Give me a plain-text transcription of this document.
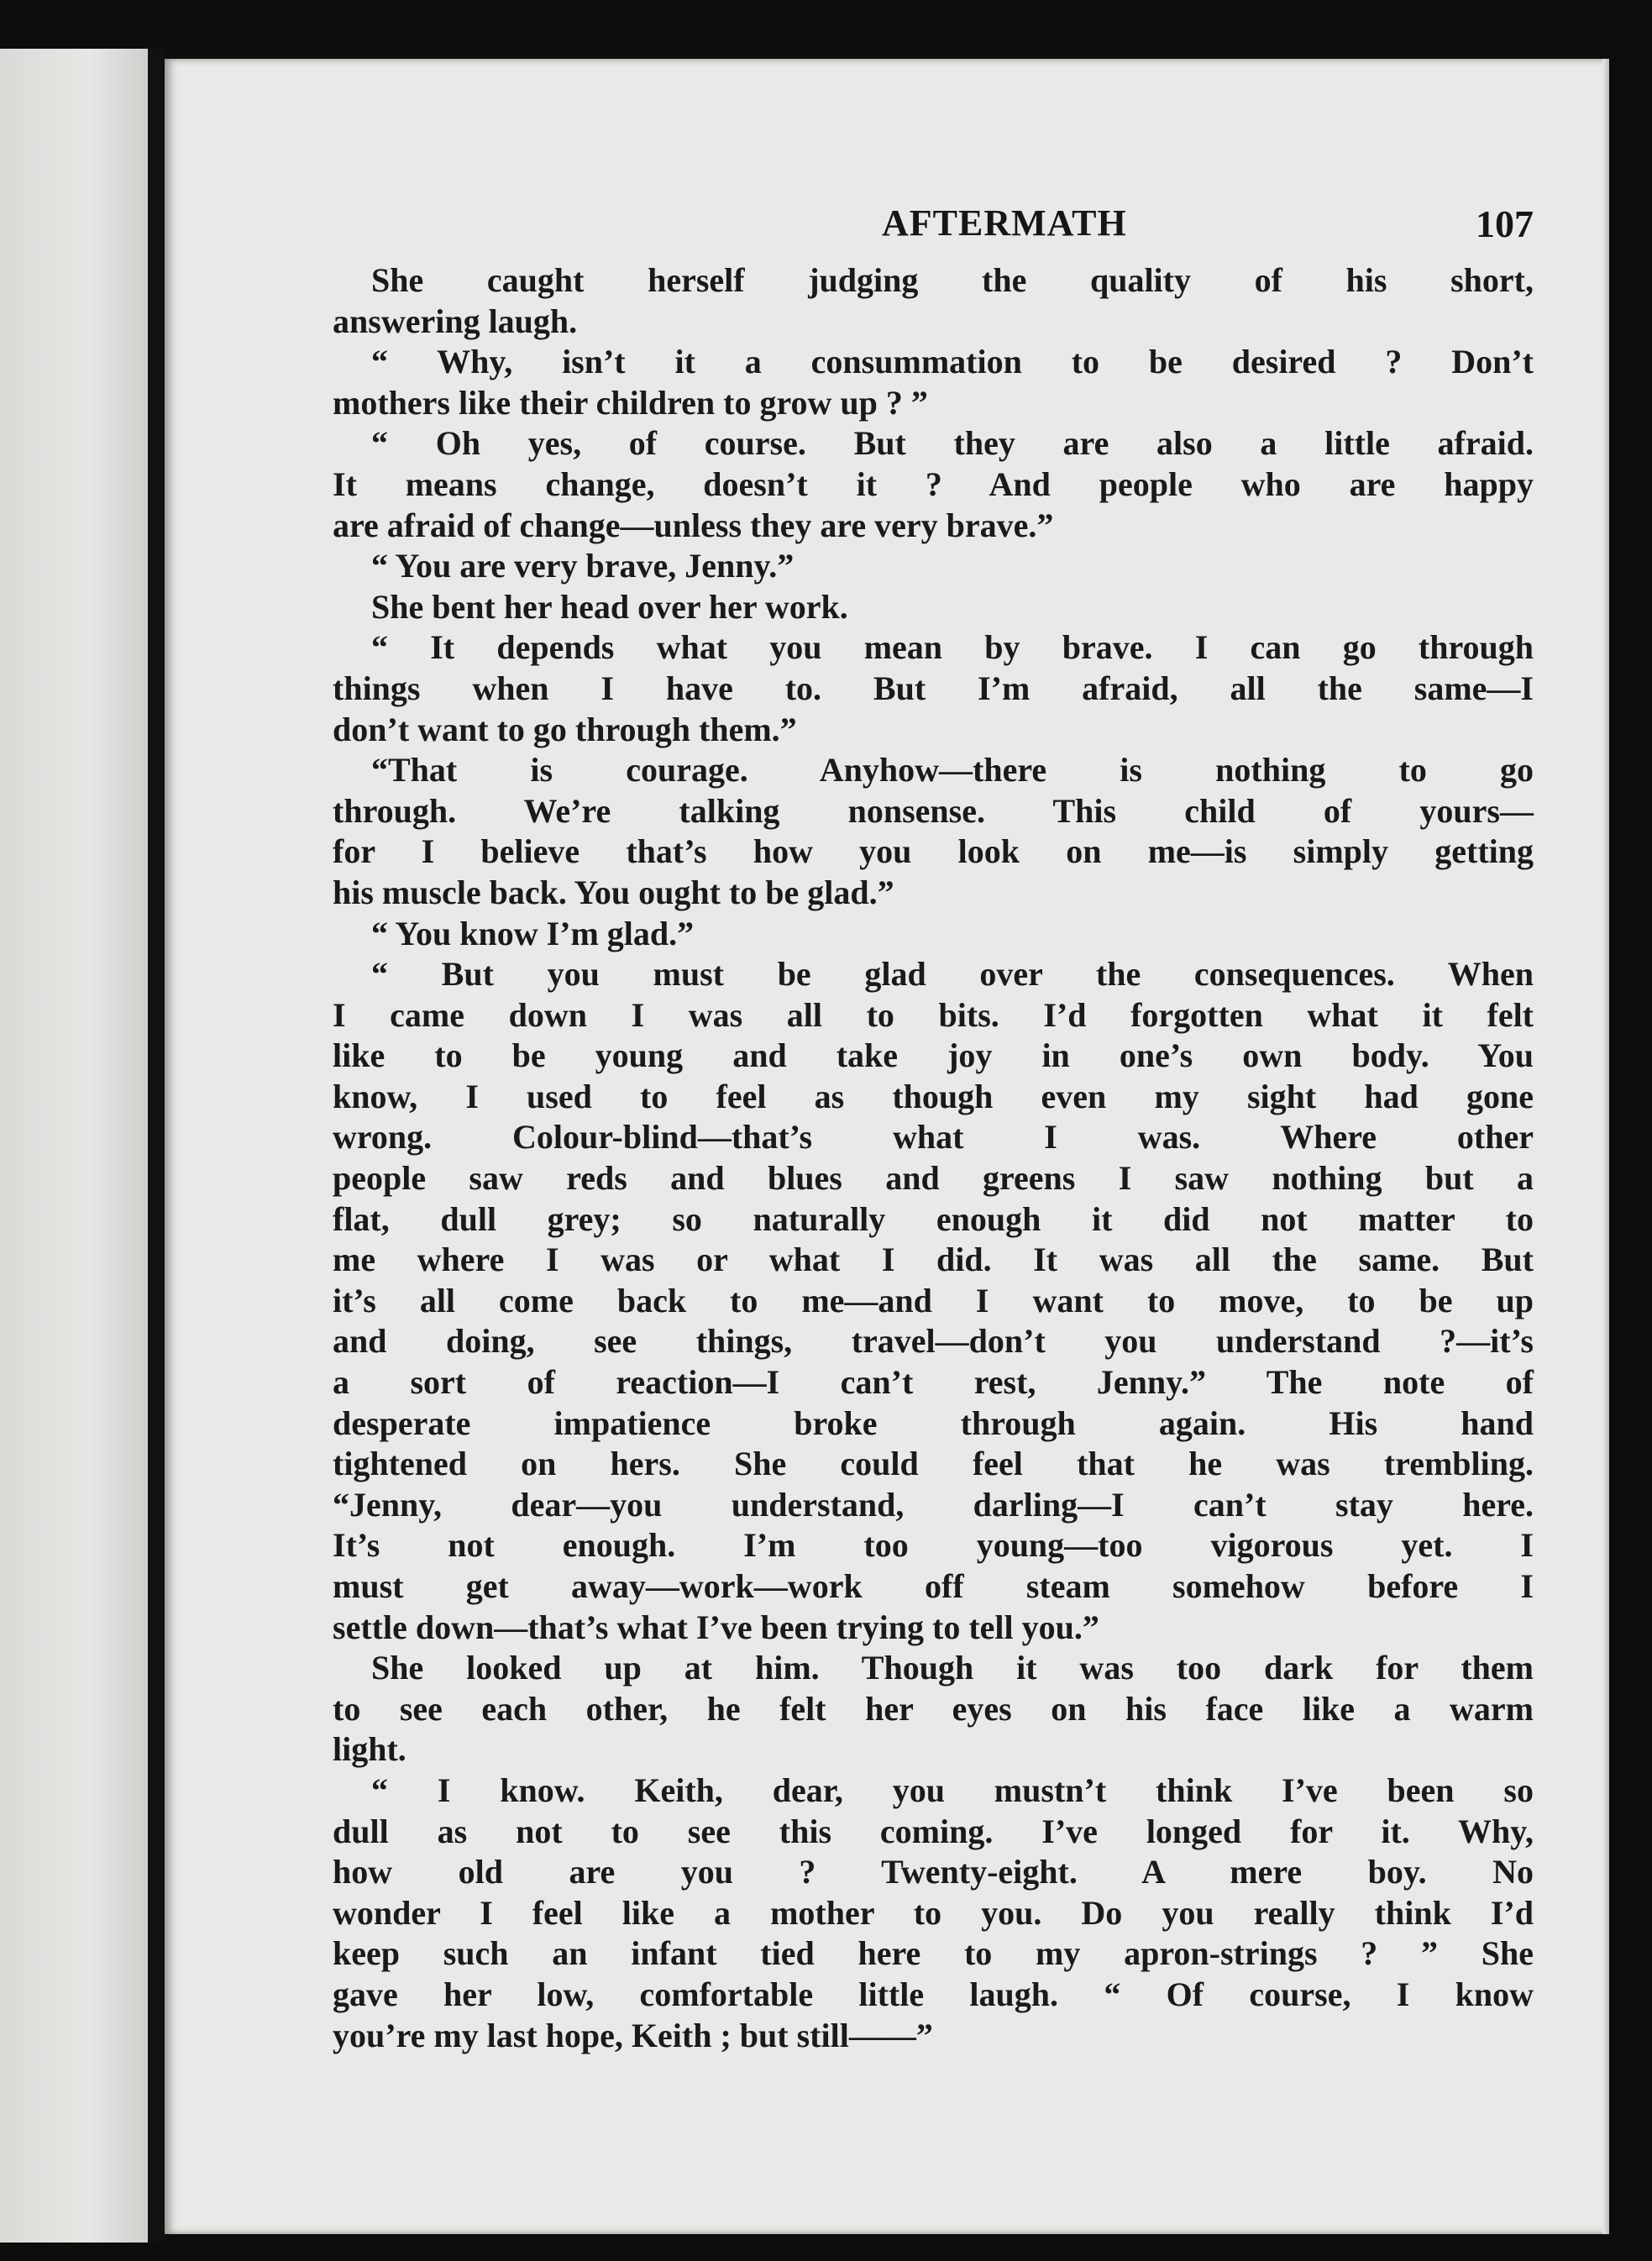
AFTERMATH	107
She caught herself judging the quality of his short,
answering laugh.
“ Why, isn’t it a consummation to be desired ? Don’t
mothers like their children to grow up ? ”
“ Oh yes, of course. But they are also a little afraid.
It means change, doesn’t it ? And people who are happy
are afraid of change—unless they are very brave.”
“ You are very brave, Jenny.”
She bent her head over her work.
“ It depends what you mean by brave. I can go through
things when I have to. But I’m afraid, all the same—I
don’t want to go through them.”
“That is courage. Anyhow—there is nothing to go
through. We’re talking nonsense. This child of yours—
for I believe that’s how you look on me—is simply getting
his muscle back. You ought to be glad.”
“ You know I’m glad.”
“ But you must be glad over the consequences. When
I came down I was all to bits. I’d forgotten what it felt
like to be young and take joy in one’s own body. You
know, I used to feel as though even my sight had gone
wrong. Colour-blind—that’s what I was. Where other
people saw reds and blues and greens I saw nothing but a
flat, dull grey; so naturally enough it did not matter to
me where I was or what I did. It was all the same. But
it’s all come back to me—and I want to move, to be up
and doing, see things, travel—don’t you understand ?—it’s
a sort of reaction—I can’t rest, Jenny.” The note of
desperate impatience broke through again. His hand
tightened on hers. She could feel that he was trembling.
“Jenny, dear—you understand, darling—I can’t stay here.
It’s not enough. I’m too young—too vigorous yet. I
must get away—work—work off steam somehow before I
settle down—that’s what I’ve been trying to tell you.”
She looked up at him. Though it was too dark for them
to see each other, he felt her eyes on his face like a warm
light.
“ I know. Keith, dear, you mustn’t think I’ve been so
dull as not to see this coming. I’ve longed for it. Why,
how old are you ? Twenty-eight. A mere boy. No
wonder I feel like a mother to you. Do you really think I’d
keep such an infant tied here to my apron-strings ? ” She
gave her low, comfortable little laugh. “ Of course, I know
you’re my last hope, Keith ; but still——”
